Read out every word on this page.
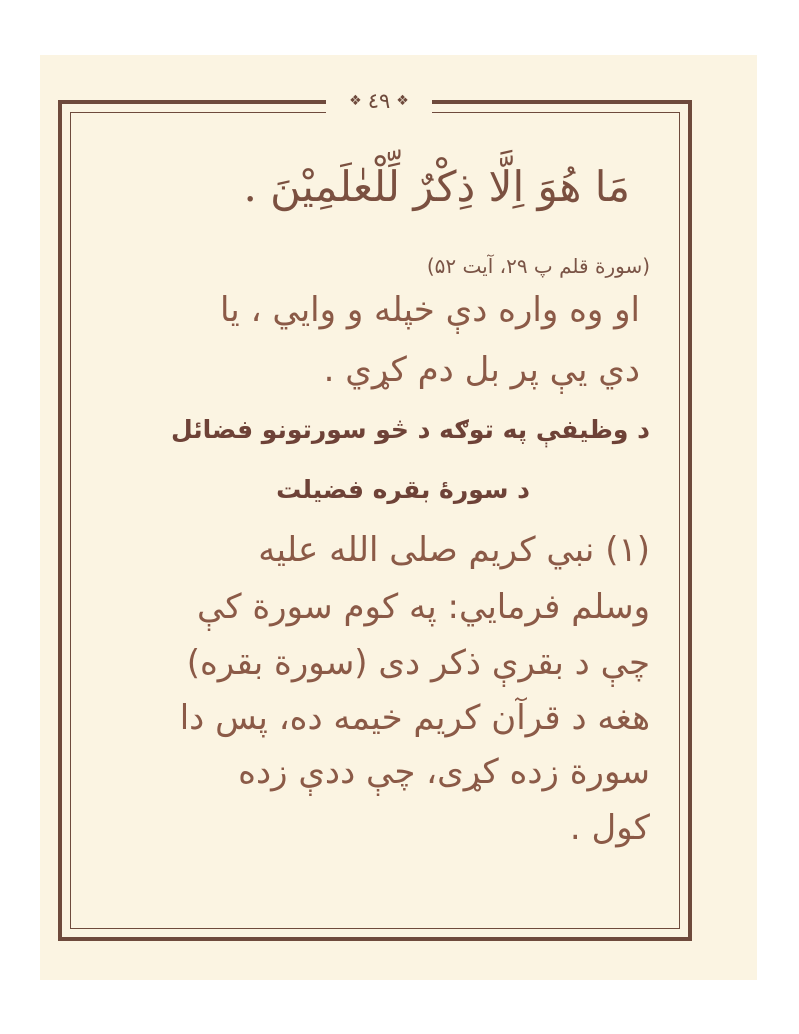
❖ ٤٩ ❖
مَا هُوَ اِلَّا ذِكْرٌ لِّلْعٰلَمِيْنَ .
(سورة قلم پ ۲۹، آیت ۵۲)
او وه واره دې خپله و وایي ، یا
دي يې پر بل دم کړي .
د وظيفې په توګه د څو سورتونو فضائل
د سورۀ بقره فضيلت
(۱) نبي كريم صلى الله عليه
وسلم فرمايي: په کوم سورة کې
چې د بقرې ذکر دی (سورة بقره)
هغه د قرآن کريم خيمه ده، پس دا
سورة زده کړی، چې ددې زده
کول .
